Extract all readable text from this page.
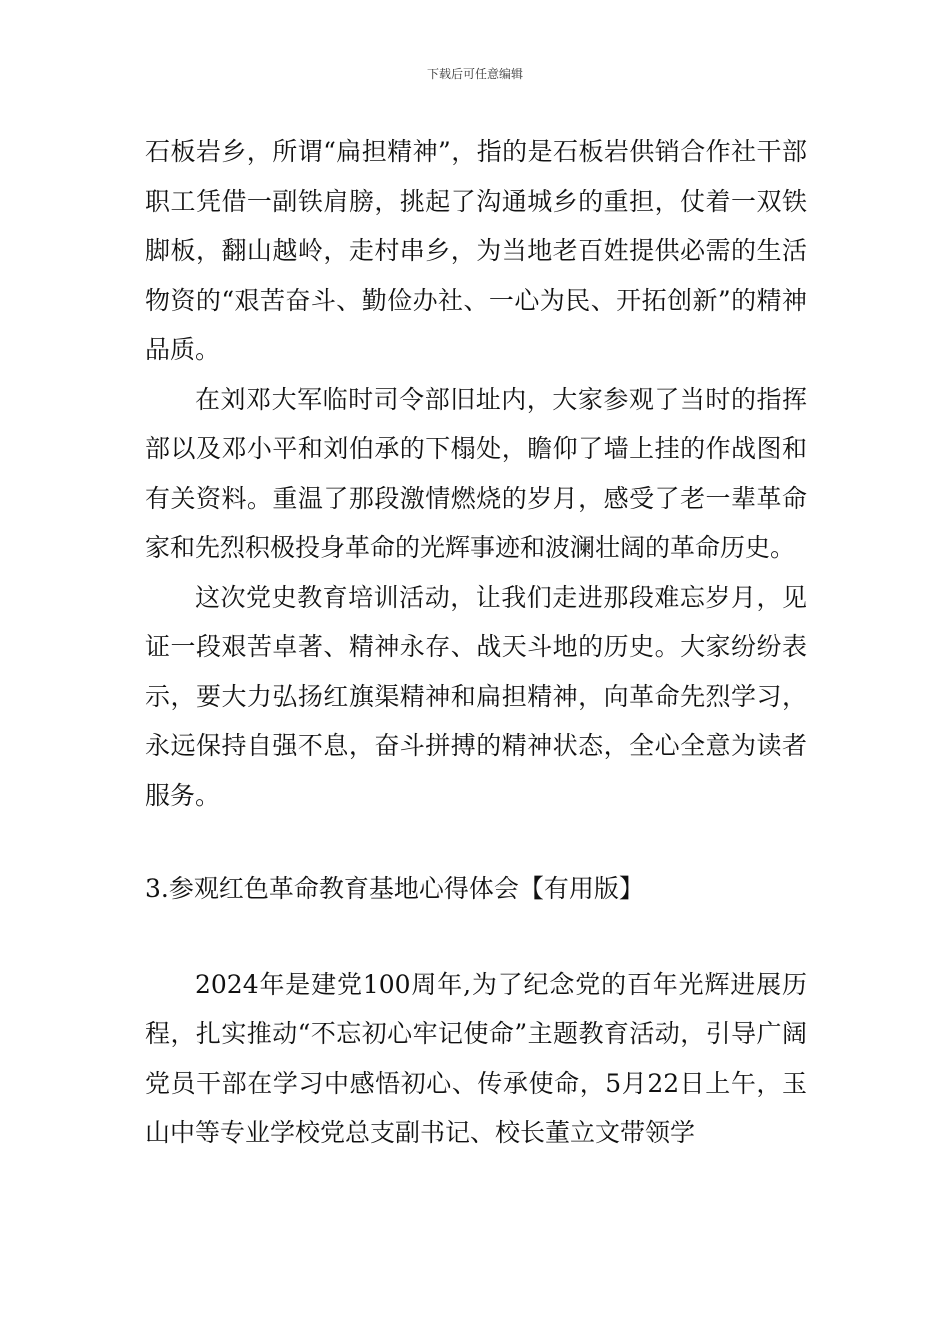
下载后可任意编辑

石板岩乡，所谓“扁担精神”，指的是石板岩供销合作社干部职工凭借一副铁肩膀，挑起了沟通城乡的重担，仗着一双铁脚板，翻山越岭，走村串乡，为当地老百姓提供必需的生活物资的“艰苦奋斗、勤俭办社、一心为民、开拓创新”的精神品质。

在刘邓大军临时司令部旧址内，大家参观了当时的指挥部以及邓小平和刘伯承的下榻处，瞻仰了墙上挂的作战图和有关资料。重温了那段激情燃烧的岁月，感受了老一辈革命家和先烈积极投身革命的光辉事迹和波澜壮阔的革命历史。

这次党史教育培训活动，让我们走进那段难忘岁月，见证一段艰苦卓著、精神永存、战天斗地的历史。大家纷纷表示，要大力弘扬红旗渠精神和扁担精神，向革命先烈学习，永远保持自强不息，奋斗拼搏的精神状态，全心全意为读者服务。

3.参观红色革命教育基地心得体会【有用版】

2024年是建党100周年,为了纪念党的百年光辉进展历程，扎实推动“不忘初心牢记使命”主题教育活动，引导广阔党员干部在学习中感悟初心、传承使命，5月22日上午，玉山中等专业学校党总支副书记、校长董立文带领学
